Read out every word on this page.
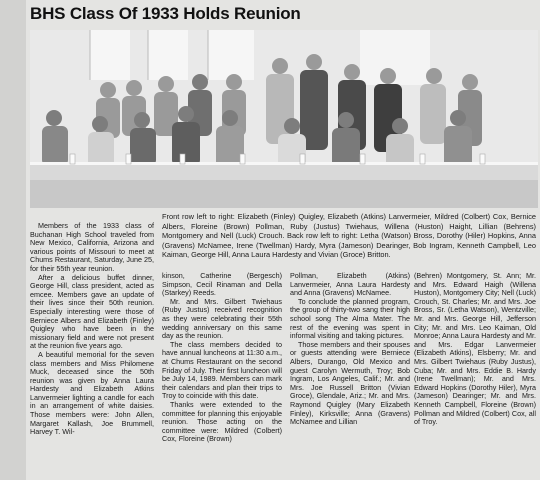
BHS Class Of 1933 Holds Reunion
Front row left to right: Elizabeth (Finley) Quigley, Elizabeth (Atkins) Lanvermeier, Mildred (Colbert) Cox, Bernice Albers, Floreine (Brown) Pollman, Ruby (Justus) Twiehaus, Willena (Huston) Haight, Lillian (Behrens) Montgomery and Nell (Luck) Crouch. Back row left to right: Letha (Watson) Bross, Dorothy (Hiler) Hopkins, Anna (Gravens) McNamee, Irene (Twellman) Hardy, Myra (Jameson) Dearinger, Bob Ingram, Kenneth Campbell, Leo Kaiman, George Hill, Anna Laura Hardesty and Vivian (Groce) Britton.

Members of the 1933 class of Buchanan High School traveled from New Mexico, California, Arizona and various points of Missouri to meet at Chums Restaurant, Saturday, June 25, for their 55th year reunion.

After a delicious buffet dinner, George Hill, class president, acted as emcee. Members gave an update of their lives since their 50th reunion. Especially interesting were those of Berniece Albers and Elizabeth (Finley) Quigley who have been in the missionary field and were not present at the reunion five years ago.

A beautiful memorial for the seven class members and Miss Philomene Muck, deceased since the 50th reunion was given by Anna Laura Hardesty and Elizabeth Atkins Lanvermeier lighting a candle for each in an arrangement of white daisies. Those members were: John Allen, Margaret Kallash, Joe Brummell, Harvey T. Wil-

kinson, Catherine (Bergesch) Simpson, Cecil Rinaman and Della (Starkey) Reeds.

Mr. and Mrs. Gilbert Twiehaus (Ruby Justus) received recognition as they were celebrating their 55th wedding anniversary on this same day as the reunion.

The class members decided to have annual luncheons at 11:30 a.m., at Chums Restaurant on the second Friday of July. Their first luncheon will be July 14, 1989. Members can mark their calendars and plan their trips to Troy to coincide with this date.

Thanks were extended to the committee for planning this enjoyable reunion. Those acting on the committee were: Mildred (Colbert) Cox, Floreine (Brown)

Pollman, Elizabeth (Atkins) Lanvermeier, Anna Laura Hardesty and Anna (Gravens) McNamee.

To conclude the planned program, the group of thirty-two sang their high school song The Alma Mater. The rest of the evening was spent in informal visiting and taking pictures.

Those members and their spouses or guests attending were Berniece Albers, Durango, Old Mexico and guest Carolyn Wermuth, Troy; Bob Ingram, Los Angeles, Calif.; Mr. and Mrs. Joe Russell Britton (Vivian Groce), Glendale, Ariz.; Mr. and Mrs. Raymond Quigley (Mary Elizabeth Finley), Kirksville; Anna (Gravens) McNamee and Lillian

(Behren) Montgomery, St. Ann; Mr. and Mrs. Edward Haigh (Willena Huston), Montgomery City; Nell (Luck) Crouch, St. Charles; Mr. and Mrs. Joe Bross, Sr. (Letha Watson), Wentzville; Mr. and Mrs. George Hill, Jefferson City; Mr. and Mrs. Leo Kaiman, Old Monroe; Anna Laura Hardesty and Mr. and Mrs. Edgar Lanvermeier (Elizabeth Atkins), Elsberry; Mr. and Mrs. Gilbert Twiehaus (Ruby Justus), Cuba; Mr. and Mrs. Eddie B. Hardy (Irene Twellman); Mr. and Mrs. Edward Hopkins (Dorothy Hiler), Myra (Jameson) Dearinger; Mr. and Mrs. Kenneth Campbell, Floreine (Brown) Pollman and Mildred (Colbert) Cox, all of Troy.
